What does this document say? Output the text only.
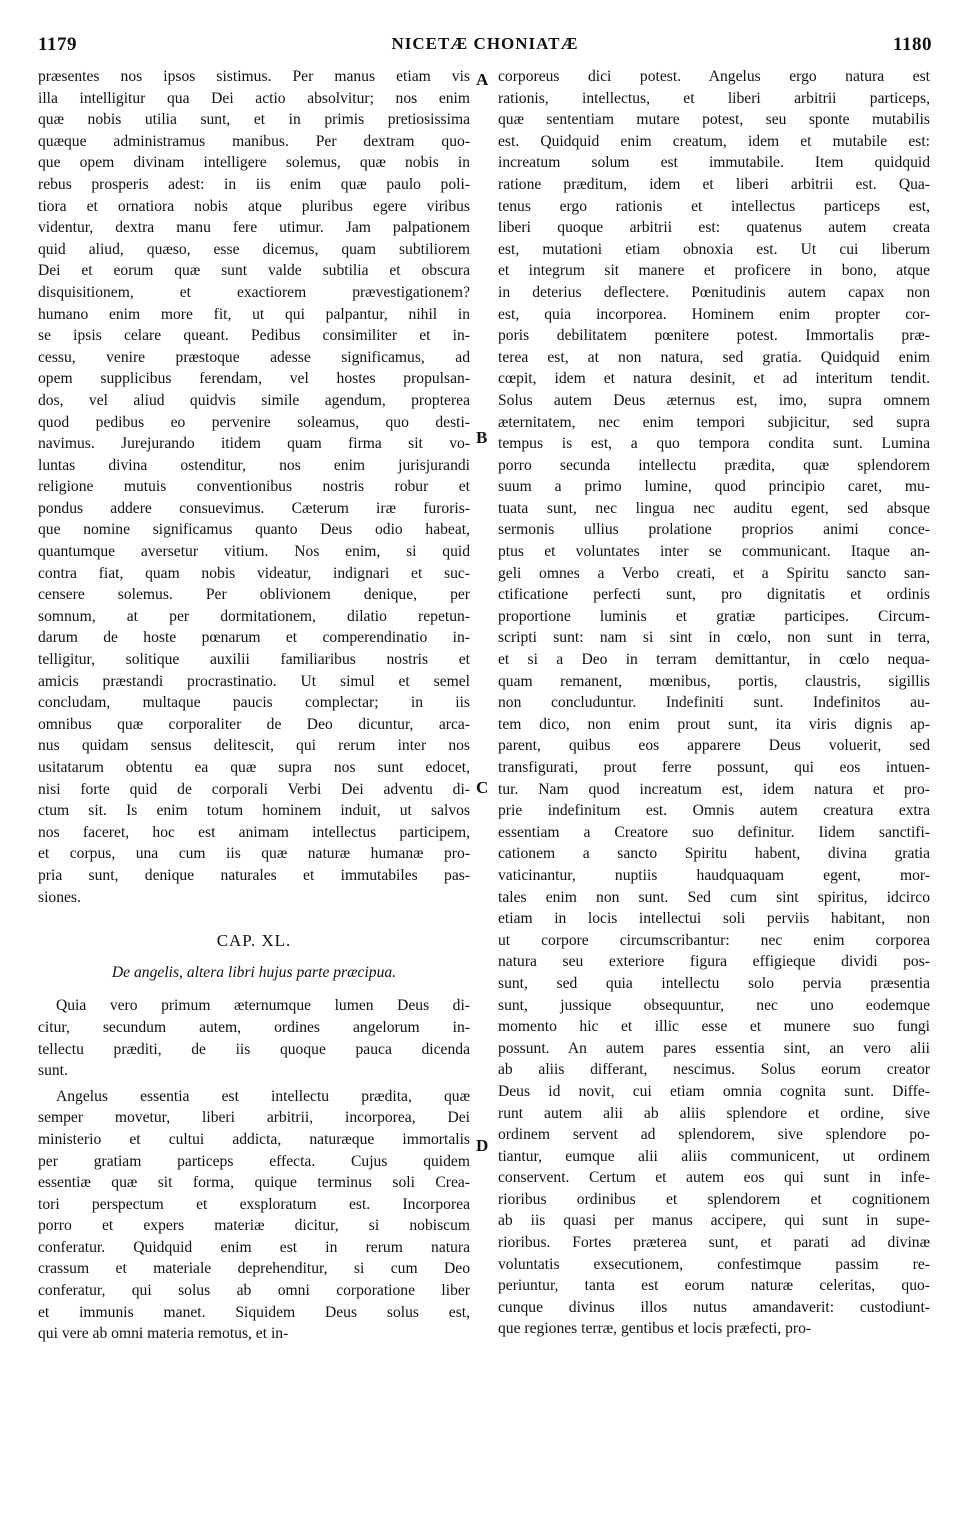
1179	NICETÆ CHONIATÆ	1180
præsentes nos ipsos sistimus. Per manus etiam vis
illa intelligitur qua Dei actio absolvitur; nos enim
quæ nobis utilia sunt, et in primis pretiosissima
quæque administramus manibus. Per dextram quo-
que opem divinam intelligere solemus, quæ nobis in
rebus prosperis adest: in iis enim quæ paulo poli-
tiora et ornatiora nobis atque pluribus egere viribus
videntur, dextra manu fere utimur. Jam palpationem
quid aliud, quæso, esse dicemus, quam subtiliorem
Dei et eorum quæ sunt valde subtilia et obscura
disquisitionem, et exactiorem prævestigationem?
humano enim more fit, ut qui palpantur, nihil in
se ipsis celare queant. Pedibus consimiliter et in-
cessu, venire præstoque adesse significamus, ad
opem supplicibus ferendam, vel hostes propulsan-
dos, vel aliud quidvis simile agendum, propterea
quod pedibus eo pervenire soleamus, quo desti-
navimus. Jurejurando itidem quam firma sit vo-
luntas divina ostenditur, nos enim jurisjurandi
religione mutuis conventionibus nostris robur et
pondus addere consuevimus. Cæterum iræ furoris-
que nomine significamus quanto Deus odio habeat,
quantumque aversetur vitium. Nos enim, si quid
contra fiat, quam nobis videatur, indignari et suc-
censere solemus. Per oblivionem denique, per
somnum, at per dormitationem, dilatio repetun-
darum de hoste pœnarum et comperendinatio in-
telligitur, solitique auxilii familiaribus nostris et
amicis præstandi procrastinatio. Ut simul et semel
concludam, multaque paucis complectar; in iis
omnibus quæ corporaliter de Deo dicuntur, arca-
nus quidam sensus delitescit, qui rerum inter nos
usitatarum obtentu ea quæ supra nos sunt edocet,
nisi forte quid de corporali Verbi Dei adventu di-
ctum sit. Is enim totum hominem induit, ut salvos
nos faceret, hoc est animam intellectus participem,
et corpus, una cum iis quæ naturæ humanæ pro-
pria sunt, denique naturales et immutabiles pas-
siones.
CAP. XL.
De angelis, altera libri hujus parte præcipua.
Quia vero primum æternumque lumen Deus di-
citur, secundum autem, ordines angelorum in-
tellectu præditi, de iis quoque pauca dicenda
sunt.
Angelus essentia est intellectu prædita, quæ
semper movetur, liberi arbitrii, incorporea, Dei
ministerio et cultui addicta, naturæque immortalis
per gratiam particeps effecta. Cujus quidem
essentiæ quæ sit forma, quique terminus soli Crea-
tori perspectum et exsploratum est. Incorporea
porro et expers materiæ dicitur, si nobiscum
conferatur. Quidquid enim est in rerum natura
crassum et materiale deprehenditur, si cum Deo
conferatur, qui solus ab omni corporatione liber
et immunis manet. Siquidem Deus solus est,
qui vere ab omni materia remotus, et in-
corporeus dici potest. Angelus ergo natura est
rationis, intellectus, et liberi arbitrii particeps,
quæ sententiam mutare potest, seu sponte mutabilis
est. Quidquid enim creatum, idem et mutabile est:
increatum solum est immutabile. Item quidquid
ratione præditum, idem et liberi arbitrii est. Qua-
tenus ergo rationis et intellectus particeps est,
liberi quoque arbitrii est: quatenus autem creata
est, mutationi etiam obnoxia est. Ut cui liberum
et integrum sit manere et proficere in bono, atque
in deterius deflectere. Pœnitudinis autem capax non
est, quia incorporea. Hominem enim propter cor-
poris debilitatem pœnitere potest. Immortalis præ-
terea est, at non natura, sed gratia. Quidquid enim
cœpit, idem et natura desinit, et ad interitum tendit.
Solus autem Deus æternus est, imo, supra omnem
æternitatem, nec enim tempori subjicitur, sed supra
tempus is est, a quo tempora condita sunt. Lumina
porro secunda intellectu prædita, quæ splendorem
suum a primo lumine, quod principio caret, mu-
tuata sunt, nec lingua nec auditu egent, sed absque
sermonis ullius prolatione proprios animi conce-
ptus et voluntates inter se communicant. Itaque an-
geli omnes a Verbo creati, et a Spiritu sancto san-
ctificatione perfecti sunt, pro dignitatis et ordinis
proportione luminis et gratiæ participes. Circum-
scripti sunt: nam si sint in cœlo, non sunt in terra,
et si a Deo in terram demittantur, in cœlo nequa-
quam remanent, mœnibus, portis, claustris, sigillis
non concluduntur. Indefiniti sunt. Indefinitos au-
tem dico, non enim prout sunt, ita viris dignis ap-
parent, quibus eos apparere Deus voluerit, sed
transfigurati, prout ferre possunt, qui eos intuen-
tur. Nam quod increatum est, idem natura et pro-
prie indefinitum est. Omnis autem creatura extra
essentiam a Creatore suo definitur. Iidem sanctifi-
cationem a sancto Spiritu habent, divina gratia
vaticinantur, nuptiis haudquaquam egent, mor-
tales enim non sunt. Sed cum sint spiritus, idcirco
etiam in locis intellectui soli perviis habitant, non
ut corpore circumscribantur: nec enim corporea
natura seu exteriore figura effigieque dividi pos-
sunt, sed quia intellectu solo pervia præsentia
sunt, jussique obsequuntur, nec uno eodemque
momento hic et illic esse et munere suo fungi
possunt. An autem pares essentia sint, an vero alii
ab aliis differant, nescimus. Solus eorum creator
Deus id novit, cui etiam omnia cognita sunt. Diffe-
runt autem alii ab aliis splendore et ordine, sive
ordinem servent ad splendorem, sive splendore po-
tiantur, eumque alii aliis communicent, ut ordinem
conservent. Certum et autem eos qui sunt in infe-
rioribus ordinibus et splendorem et cognitionem
ab iis quasi per manus accipere, qui sunt in supe-
rioribus. Fortes præterea sunt, et parati ad divinæ
voluntatis exsecutionem, confestimque passim re-
periuntur, tanta est eorum naturæ celeritas, quo-
cunque divinus illos nutus amandaverit: custodiunt-
que regiones terræ, gentibus et locis præfecti, pro-
A
B
C
D
